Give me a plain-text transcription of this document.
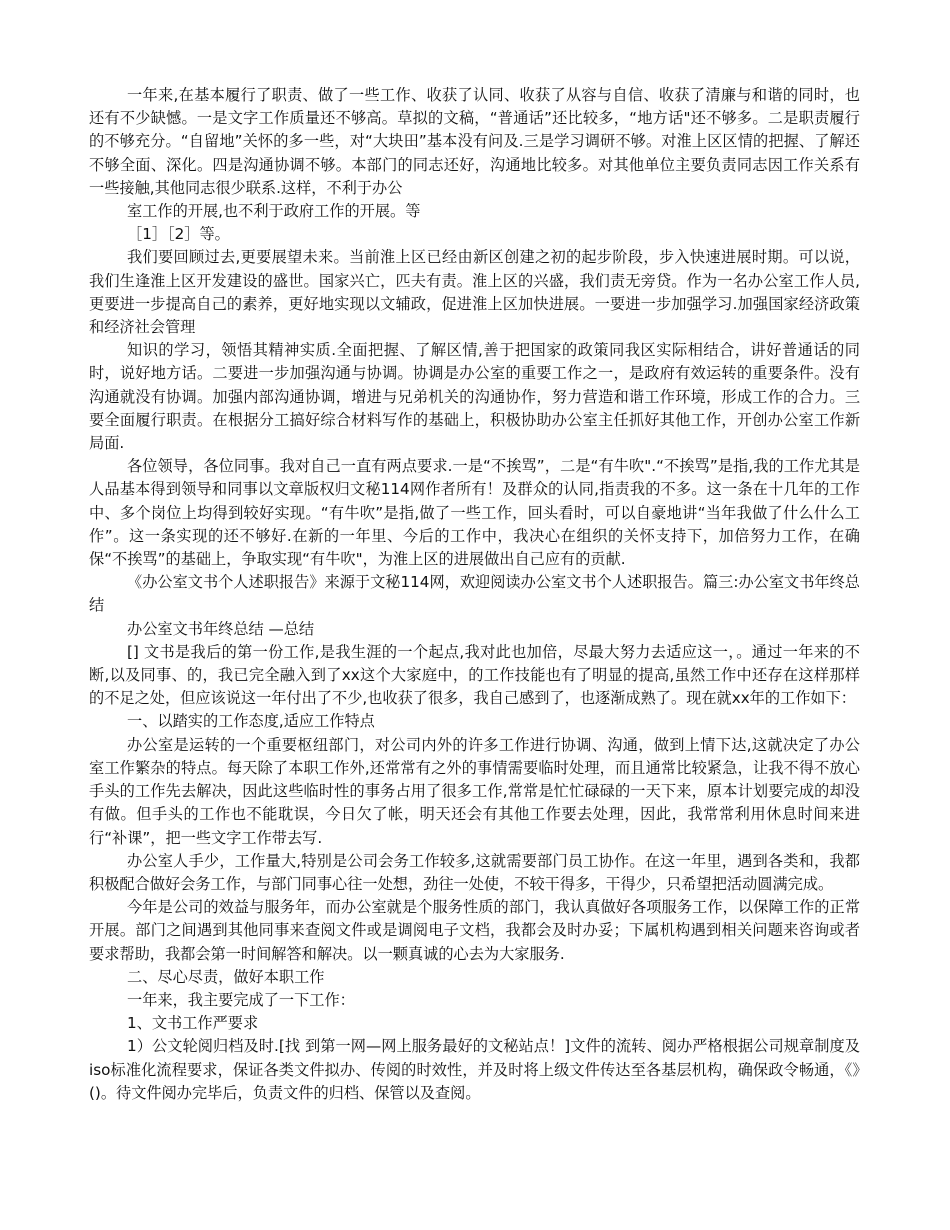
一年来,在基本履行了职责、做了一些工作、收获了认同、收获了从容与自信、收获了清廉与和谐的同时，也还有不少缺憾。一是文字工作质量还不够高。草拟的文稿，“普通话”还比较多，“地方话"还不够多。二是职责履行的不够充分。“自留地”关怀的多一些，对“大块田”基本没有问及.三是学习调研不够。对淮上区区情的把握、了解还不够全面、深化。四是沟通协调不够。本部门的同志还好，沟通地比较多。对其他单位主要负责同志因工作关系有一些接触,其他同志很少联系.这样，不利于办公

室工作的开展,也不利于政府工作的开展。等

［1］［2］等。

我们要回顾过去,更要展望未来。当前淮上区已经由新区创建之初的起步阶段，步入快速进展时期。可以说，我们生逢淮上区开发建设的盛世。国家兴亡，匹夫有责。淮上区的兴盛，我们责无旁贷。作为一名办公室工作人员,更要进一步提高自己的素养，更好地实现以文辅政，促进淮上区加快进展。一要进一步加强学习.加强国家经济政策和经济社会管理

知识的学习，领悟其精神实质.全面把握、了解区情,善于把国家的政策同我区实际相结合，讲好普通话的同时，说好地方话。二要进一步加强沟通与协调。协调是办公室的重要工作之一，是政府有效运转的重要条件。没有沟通就没有协调。加强内部沟通协调，增进与兄弟机关的沟通协作，努力营造和谐工作环境，形成工作的合力。三要全面履行职责。在根据分工搞好综合材料写作的基础上，积极协助办公室主任抓好其他工作，开创办公室工作新局面.

各位领导，各位同事。我对自己一直有两点要求.一是“不挨骂”，二是“有牛吹".“不挨骂”是指,我的工作尤其是人品基本得到领导和同事以文章版权归文秘114网作者所有！及群众的认同,指责我的不多。这一条在十几年的工作中、多个岗位上均得到较好实现。“有牛吹”是指,做了一些工作，回头看时，可以自豪地讲“当年我做了什么什么工作”。这一条实现的还不够好.在新的一年里、今后的工作中，我决心在组织的关怀支持下，加倍努力工作，在确保“不挨骂”的基础上，争取实现“有牛吹"，为淮上区的进展做出自己应有的贡献.

《办公室文书个人述职报告》来源于文秘114网，欢迎阅读办公室文书个人述职报告。篇三:办公室文书年终总结

办公室文书年终总结 —总结

[] 文书是我后的第一份工作,是我生涯的一个起点,我对此也加倍，尽最大努力去适应这一，。通过一年来的不断,以及同事、的，我已完全融入到了xx这个大家庭中，的工作技能也有了明显的提高,虽然工作中还存在这样那样的不足之处，但应该说这一年付出了不少,也收获了很多，我自己感到了，也逐渐成熟了。现在就xx年的工作如下：

一、以踏实的工作态度,适应工作特点

办公室是运转的一个重要枢纽部门，对公司内外的许多工作进行协调、沟通，做到上情下达,这就决定了办公室工作繁杂的特点。每天除了本职工作外,还常常有之外的事情需要临时处理，而且通常比较紧急，让我不得不放心手头的工作先去解决，因此这些临时性的事务占用了很多工作,常常是忙忙碌碌的一天下来，原本计划要完成的却没有做。但手头的工作也不能耽误，今日欠了帐，明天还会有其他工作要去处理，因此，我常常利用休息时间来进行“补课”，把一些文字工作带去写.

办公室人手少，工作量大,特别是公司会务工作较多,这就需要部门员工协作。在这一年里，遇到各类和，我都积极配合做好会务工作，与部门同事心往一处想，劲往一处使，不较干得多，干得少，只希望把活动圆满完成。

今年是公司的效益与服务年，而办公室就是个服务性质的部门，我认真做好各项服务工作，以保障工作的正常开展。部门之间遇到其他同事来查阅文件或是调阅电子文档，我都会及时办妥；下属机构遇到相关问题来咨询或者要求帮助，我都会第一时间解答和解决。以一颗真诚的心去为大家服务.

二、尽心尽责，做好本职工作

一年来，我主要完成了一下工作：

1、文书工作严要求

1）公文轮阅归档及时.[找 到第一网—网上服务最好的文秘站点！]文件的流转、阅办严格根据公司规章制度及iso标准化流程要求，保证各类文件拟办、传阅的时效性，并及时将上级文件传达至各基层机构，确保政令畅通，《》()。待文件阅办完毕后，负责文件的归档、保管以及查阅。
